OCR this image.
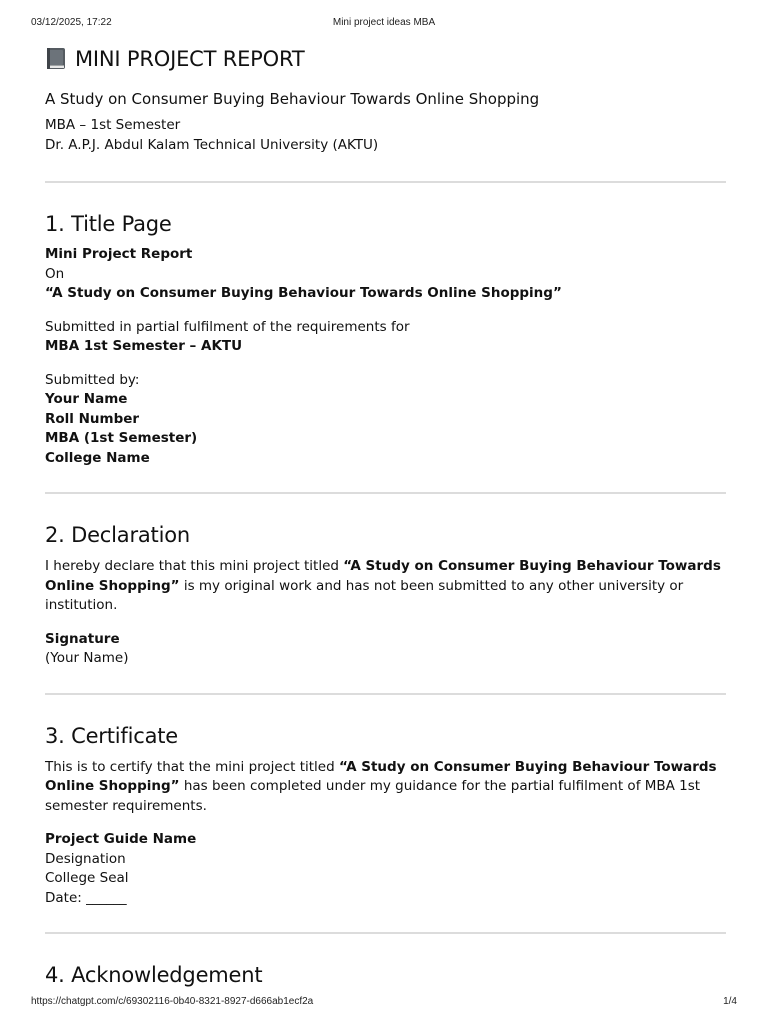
03/12/2025, 17:22	Mini project ideas MBA
MINI PROJECT REPORT
A Study on Consumer Buying Behaviour Towards Online Shopping
MBA – 1st Semester
Dr. A.P.J. Abdul Kalam Technical University (AKTU)
1. Title Page

Mini Project Report

On

“A Study on Consumer Buying Behaviour Towards Online Shopping”

Submitted in partial fulfilment of the requirements for

MBA 1st Semester – AKTU

Submitted by:

Your Name

Roll Number

MBA (1st Semester)

College Name

2. Declaration

I hereby declare that this mini project titled “A Study on Consumer Buying Behaviour Towards Online Shopping” is my original work and has not been submitted to any other university or institution.

Signature

(Your Name)

3. Certificate

This is to certify that the mini project titled “A Study on Consumer Buying Behaviour Towards Online Shopping” has been completed under my guidance for the partial fulfilment of MBA 1st semester requirements.

Project Guide Name

Designation

College Seal

Date: ______

4. Acknowledgement
https://chatgpt.com/c/69302116-0b40-8321-8927-d666ab1ecf2a	1/4
